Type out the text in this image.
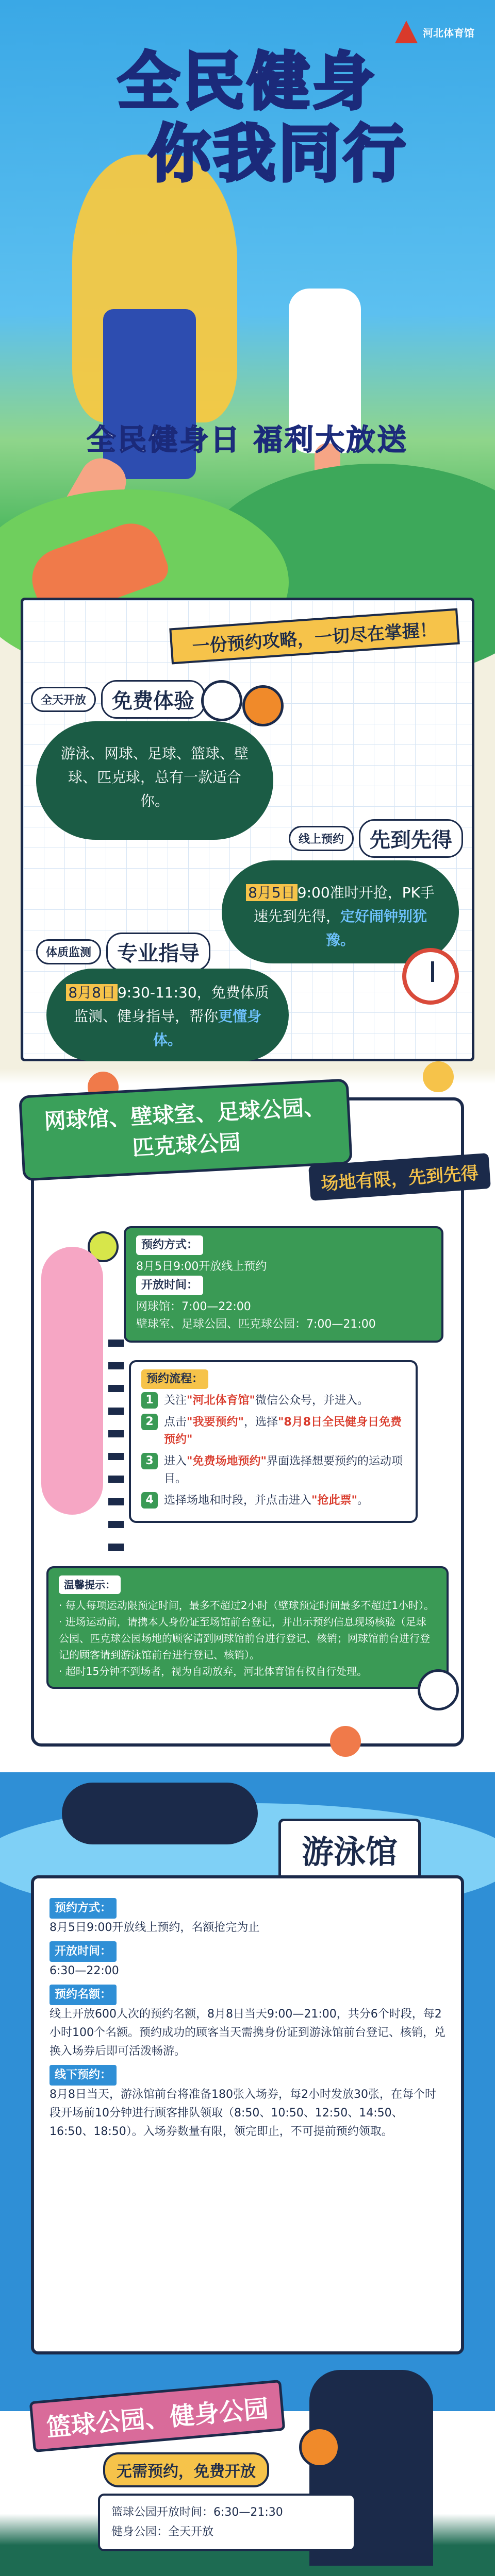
河北体育馆
全民健身
你我同行
全民健身日 福利大放送
一份预约攻略，一切尽在掌握！
全天开放	免费体验
游泳、网球、足球、篮球、壁球、匹克球，总有一款适合你。
线上预约	先到先得
8月5日 9:00准时开抢，PK手速先到先得，定好闹钟别犹豫。
体质监测	专业指导
8月8日 9:30-11:30，免费体质监测、健身指导，帮你更懂身体。
网球馆、壁球室、足球公园、匹克球公园
场地有限，先到先得
预约方式：
8月5日9:00开放线上预约
开放时间：
网球馆：7:00—22:00
壁球室、足球公园、匹克球公园：7:00—21:00
预约流程：
1 关注"河北体育馆"微信公众号，并进入。
2 点击"我要预约"，选择"8月8日全民健身日免费预约"
3 进入"免费场地预约"界面选择想要预约的运动项目。
4 选择场地和时段，并点击进入"抢此票"。
温馨提示：
· 每人每项运动限预定时间，最多不超过2小时（壁球预定时间最多不超过1小时）。
· 进场运动前，请携本人身份证至场馆前台登记，并出示预约信息现场核验（足球公园、匹克球公园场地的顾客请到网球馆前台进行登记、核销；网球馆前台进行登记的顾客请到游泳馆前台进行登记、核销）。
· 超时15分钟不到场者，视为自动放弃，河北体育馆有权自行处理。
游泳馆
预约方式：
8月5日9:00开放线上预约，名额抢完为止
开放时间：
6:30—22:00
预约名额：
线上开放600人次的预约名额，8月8日当天9:00—21:00，共分6个时段，每2小时100个名额。预约成功的顾客当天需携身份证到游泳馆前台登记、核销，兑换入场券后即可活泼畅游。
线下预约：
8月8日当天，游泳馆前台将准备180张入场券，每2小时发放30张，在每个时段开场前10分钟进行顾客排队领取（8:50、10:50、12:50、14:50、16:50、18:50）。入场券数量有限，领完即止，不可提前预约领取。
篮球公园、健身公园
无需预约，免费开放
篮球公园开放时间：6:30—21:30
健身公园：全天开放
